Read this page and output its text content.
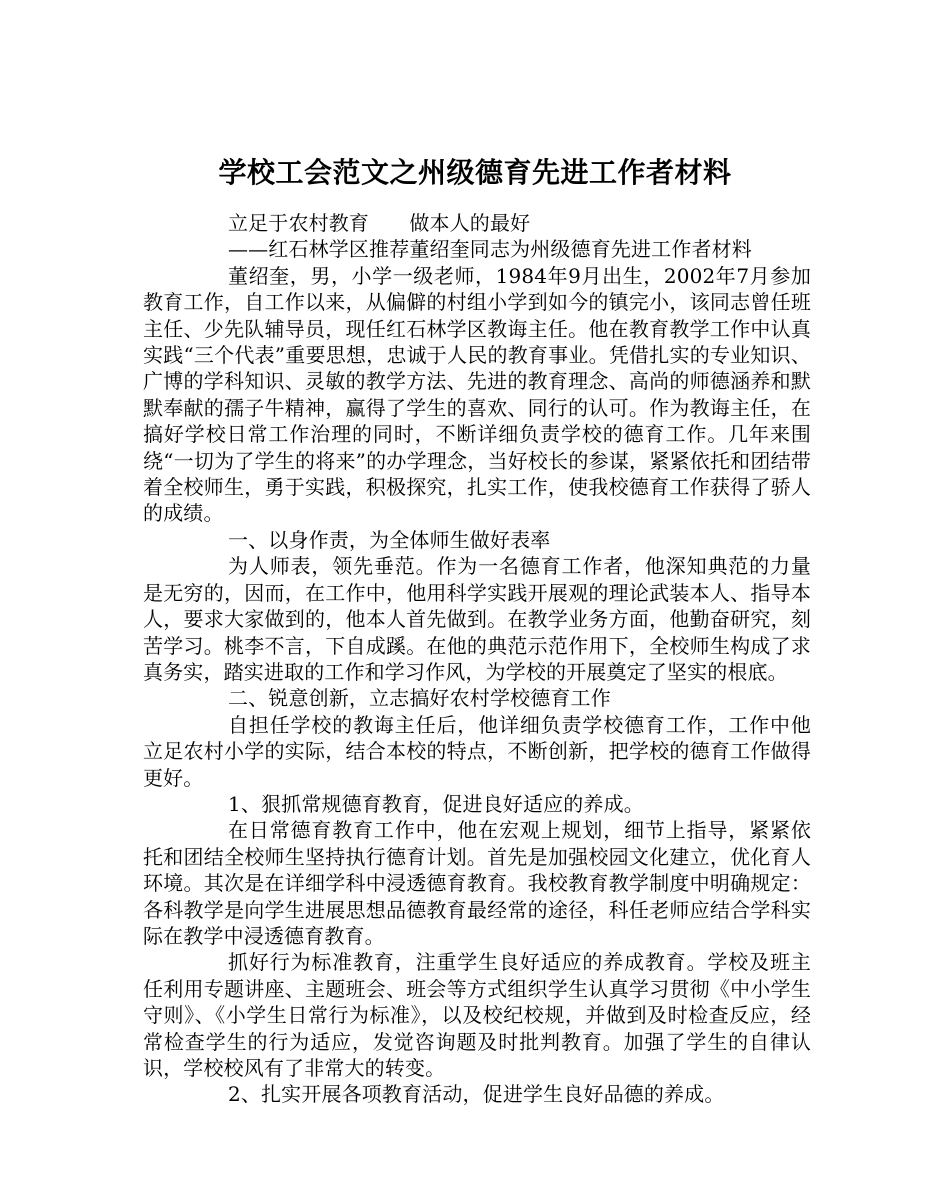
学校工会范文之州级德育先进工作者材料

立足于农村教育　　做本人的最好

——红石林学区推荐董绍奎同志为州级德育先进工作者材料

董绍奎，男，小学一级老师，1984年9月出生，2002年7月参加教育工作，自工作以来，从偏僻的村组小学到如今的镇完小，该同志曾任班主任、少先队辅导员，现任红石林学区教诲主任。他在教育教学工作中认真实践“三个代表”重要思想，忠诚于人民的教育事业。凭借扎实的专业知识、广博的学科知识、灵敏的教学方法、先进的教育理念、高尚的师德涵养和默默奉献的孺子牛精神，赢得了学生的喜欢、同行的认可。作为教诲主任，在搞好学校日常工作治理的同时，不断详细负责学校的德育工作。几年来围绕“一切为了学生的将来”的办学理念，当好校长的参谋，紧紧依托和团结带着全校师生，勇于实践，积极探究，扎实工作，使我校德育工作获得了骄人的成绩。

一、以身作责，为全体师生做好表率

为人师表，领先垂范。作为一名德育工作者，他深知典范的力量是无穷的，因而，在工作中，他用科学实践开展观的理论武装本人、指导本人，要求大家做到的，他本人首先做到。在教学业务方面，他勤奋研究，刻苦学习。桃李不言，下自成蹊。在他的典范示范作用下，全校师生构成了求真务实，踏实进取的工作和学习作风，为学校的开展奠定了坚实的根底。

二、锐意创新，立志搞好农村学校德育工作

自担任学校的教诲主任后，他详细负责学校德育工作，工作中他立足农村小学的实际，结合本校的特点，不断创新，把学校的德育工作做得更好。

1、狠抓常规德育教育，促进良好适应的养成。

在日常德育教育工作中，他在宏观上规划，细节上指导，紧紧依托和团结全校师生坚持执行德育计划。首先是加强校园文化建立，优化育人环境。其次是在详细学科中浸透德育教育。我校教育教学制度中明确规定：各科教学是向学生进展思想品德教育最经常的途径，科任老师应结合学科实际在教学中浸透德育教育。

抓好行为标准教育，注重学生良好适应的养成教育。学校及班主任利用专题讲座、主题班会、班会等方式组织学生认真学习贯彻《中小学生守则》、《小学生日常行为标准》，以及校纪校规，并做到及时检查反应，经常检查学生的行为适应，发觉咨询题及时批判教育。加强了学生的自律认识，学校校风有了非常大的转变。

2、扎实开展各项教育活动，促进学生良好品德的养成。
